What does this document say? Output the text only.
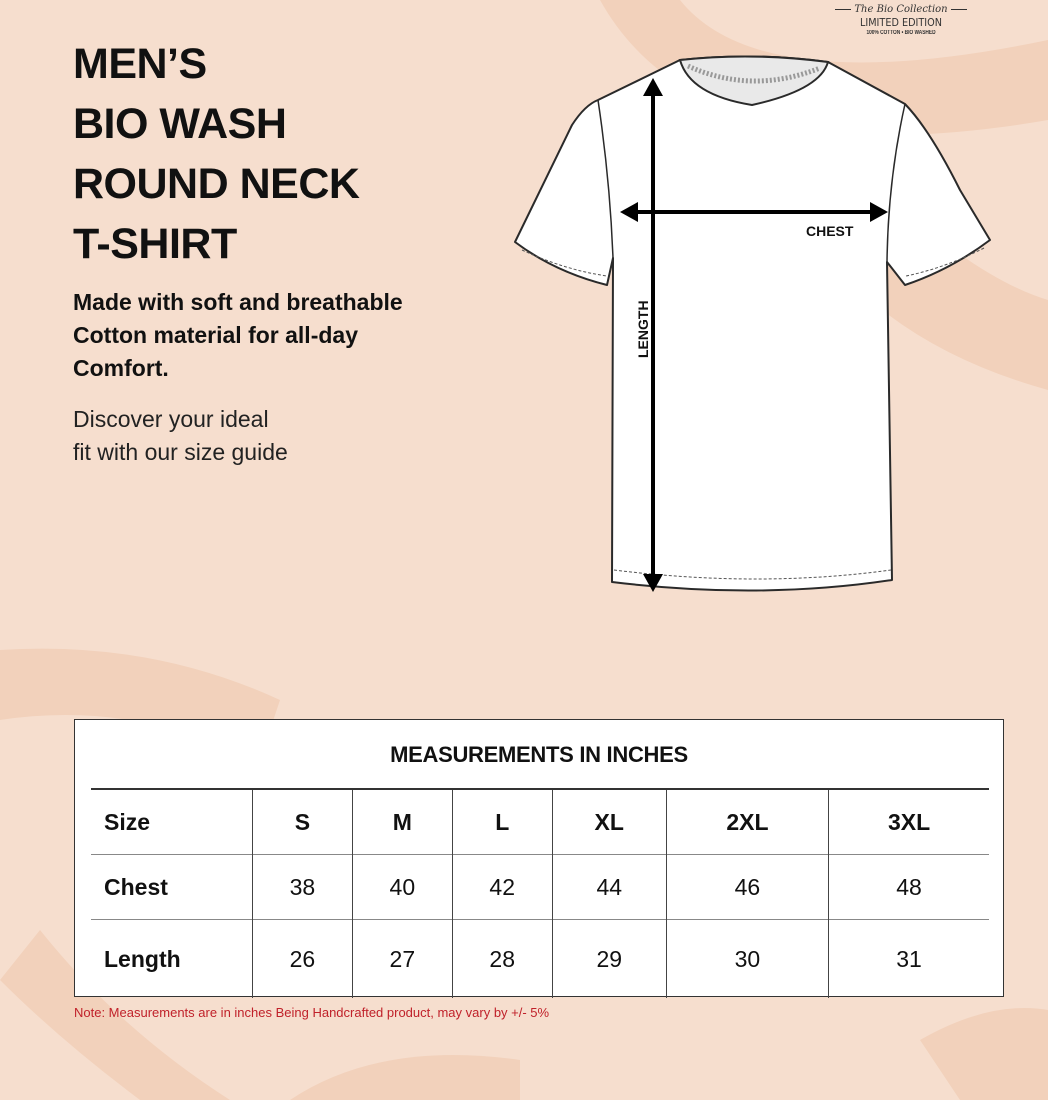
The Bio Collection
LIMITED EDITION
100% COTTON • BIO WASHED
MEN’S
BIO WASH
ROUND NECK
T-SHIRT

Made with soft and breathable
Cotton material for all-day
Comfort.

Discover your ideal
fit with our size guide

CHEST
LENGTH
MEASUREMENTS IN INCHES
Size	S	M	L	XL	2XL	3XL
Chest	38	40	42	44	46	48
Length	26	27	28	29	30	31
Note: Measurements are in inches Being Handcrafted product, may vary by +/- 5%
